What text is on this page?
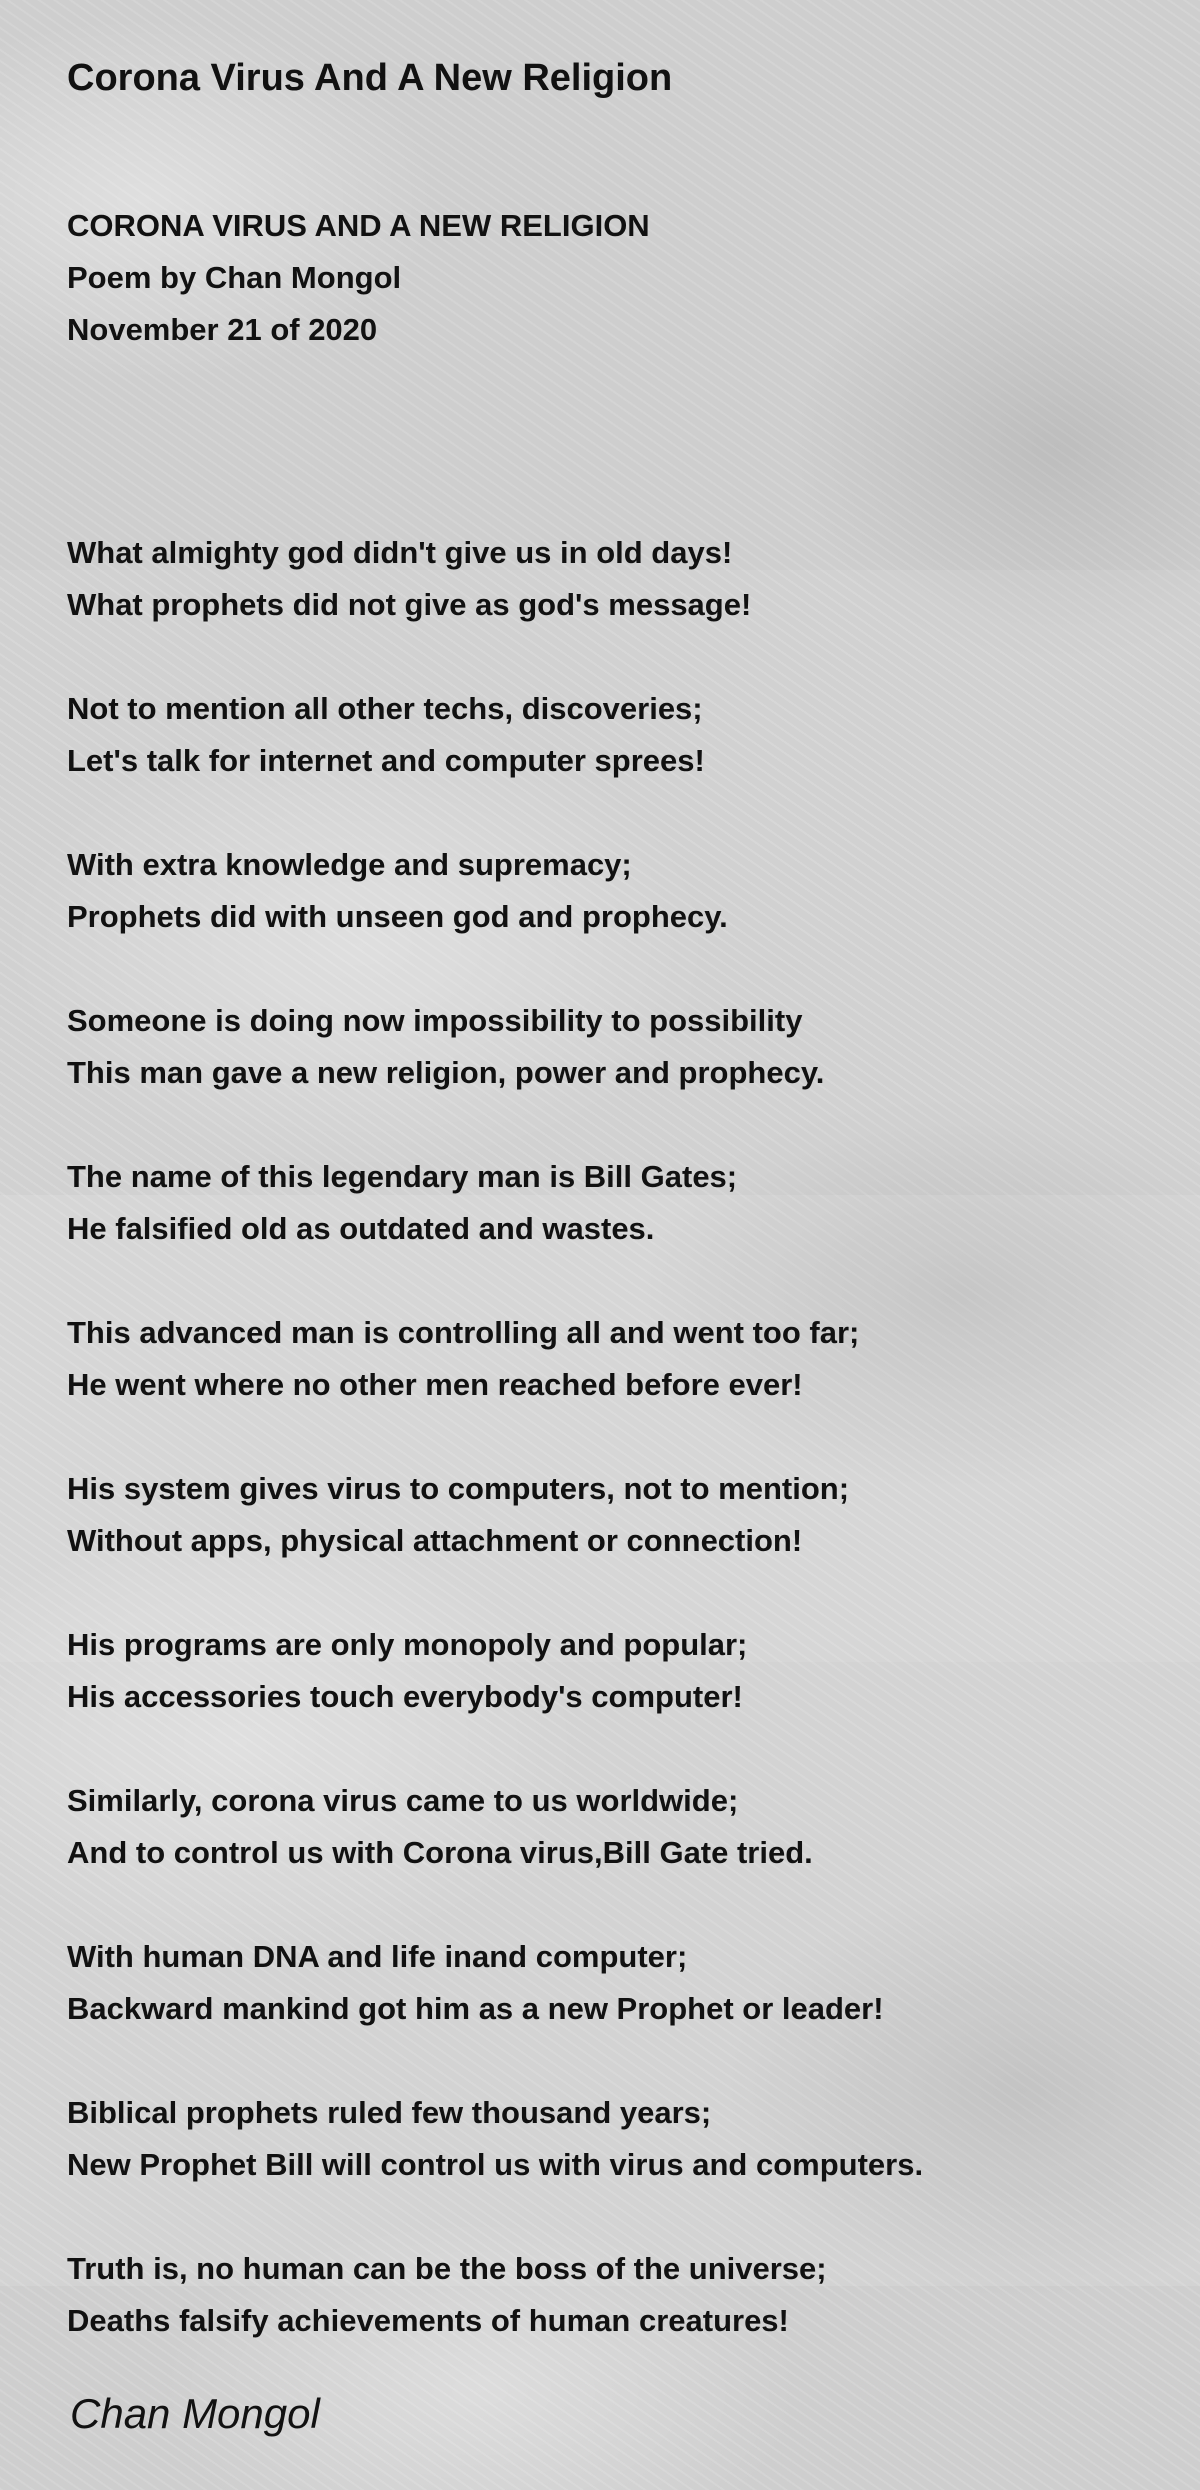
Corona Virus And A New Religion
CORONA VIRUS AND A NEW RELIGION
Poem by Chan Mongol
November 21 of 2020
What almighty god didn't give us in old days!
What prophets did not give as god's message!
Not to mention all other techs, discoveries;
Let's talk for internet and computer sprees!
With extra knowledge and supremacy;
Prophets did with unseen god and prophecy.
Someone is doing now impossibility to possibility
This man gave a new religion, power and prophecy.
The name of this legendary man is Bill Gates;
He falsified old as outdated and wastes.
This advanced man is controlling all and went too far;
He went where no other men reached before ever!
His system gives virus to computers, not to mention;
Without apps, physical attachment or connection!
His programs are only monopoly and popular;
His accessories touch everybody's computer!
Similarly, corona virus came to us worldwide;
And to control us with Corona virus,Bill Gate tried.
With human DNA and life inand computer;
Backward mankind got him as a new Prophet or leader!
Biblical prophets ruled few thousand years;
New Prophet Bill will control us with virus and computers.
Truth is, no human can be the boss of the universe;
Deaths falsify achievements of human creatures!
Chan Mongol
